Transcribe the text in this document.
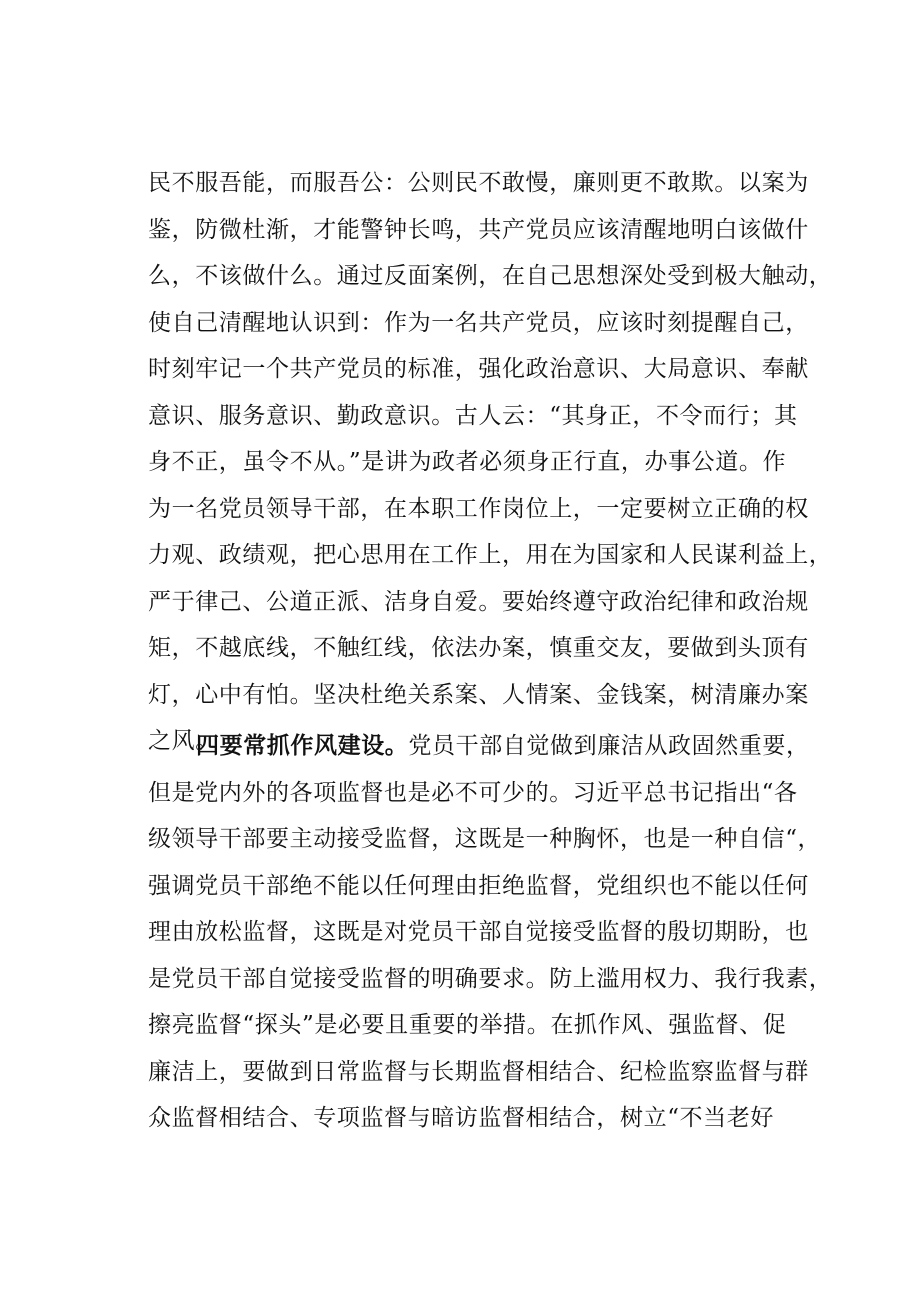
民不服吾能，而服吾公：公则民不敢慢，廉则更不敢欺。以案为
鉴，防微杜渐，才能警钟长鸣，共产党员应该清醒地明白该做什
么，不该做什么。通过反面案例，在自己思想深处受到极大触动，
使自己清醒地认识到：作为一名共产党员，应该时刻提醒自己，
时刻牢记一个共产党员的标准，强化政治意识、大局意识、奉献
意识、服务意识、勤政意识。古人云：“其身正，不令而行；其
身不正，虽令不从。”是讲为政者必须身正行直，办事公道。作
为一名党员领导干部，在本职工作岗位上，一定要树立正确的权
力观、政绩观，把心思用在工作上，用在为国家和人民谋利益上，
严于律己、公道正派、洁身自爱。要始终遵守政治纪律和政治规
矩，不越底线，不触红线，依法办案，慎重交友，要做到头顶有
灯，心中有怕。坚决杜绝关系案、人情案、金钱案，树清廉办案
之风。
四要常抓作风建设。党员干部自觉做到廉洁从政固然重要，
但是党内外的各项监督也是必不可少的。习近平总书记指出“各
级领导干部要主动接受监督，这既是一种胸怀，也是一种自信“，
强调党员干部绝不能以任何理由拒绝监督，党组织也不能以任何
理由放松监督，这既是对党员干部自觉接受监督的殷切期盼，也
是党员干部自觉接受监督的明确要求。防上滥用权力、我行我素，
擦亮监督“探头”是必要且重要的举措。在抓作风、强监督、促
廉洁上，要做到日常监督与长期监督相结合、纪检监察监督与群
众监督相结合、专项监督与暗访监督相结合，树立“不当老好
